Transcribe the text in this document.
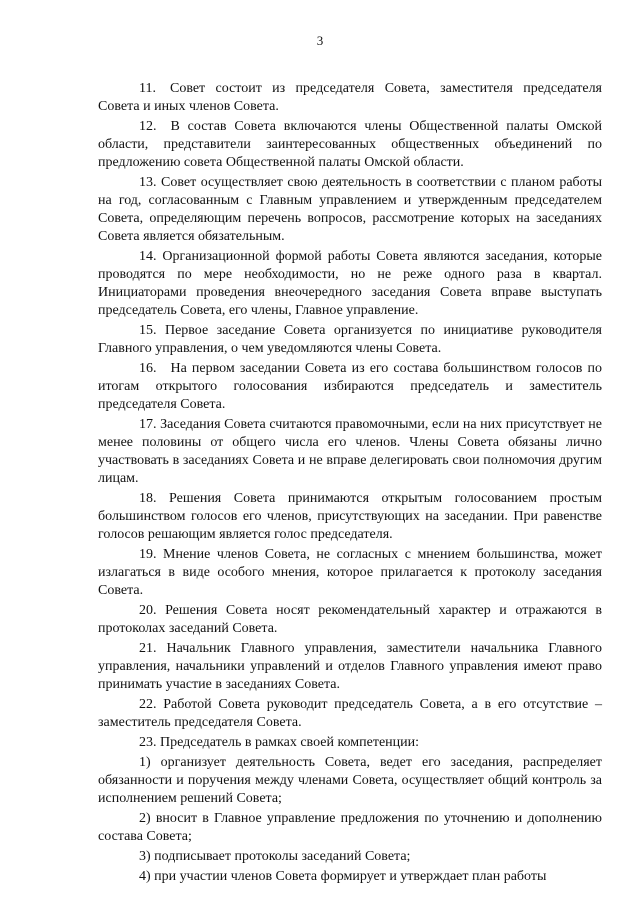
3

11. Совет состоит из председателя Совета, заместителя председателя Совета и иных членов Совета.

12. В состав Совета включаются члены Общественной палаты Омской области, представители заинтересованных общественных объединений по предложению совета Общественной палаты Омской области.

13. Совет осуществляет свою деятельность в соответствии с планом работы на год, согласованным с Главным управлением и утвержденным председателем Совета, определяющим перечень вопросов, рассмотрение которых на заседаниях Совета является обязательным.

14. Организационной формой работы Совета являются заседания, которые проводятся по мере необходимости, но не реже одного раза в квартал. Инициаторами проведения внеочередного заседания Совета вправе выступать председатель Совета, его члены, Главное управление.

15. Первое заседание Совета организуется по инициативе руководителя Главного управления, о чем уведомляются члены Совета.

16. На первом заседании Совета из его состава большинством голосов по итогам открытого голосования избираются председатель и заместитель председателя Совета.

17. Заседания Совета считаются правомочными, если на них присутствует не менее половины от общего числа его членов. Члены Совета обязаны лично участвовать в заседаниях Совета и не вправе делегировать свои полномочия другим лицам.

18. Решения Совета принимаются открытым голосованием простым большинством голосов его членов, присутствующих на заседании. При равенстве голосов решающим является голос председателя.

19. Мнение членов Совета, не согласных с мнением большинства, может излагаться в виде особого мнения, которое прилагается к протоколу заседания Совета.

20. Решения Совета носят рекомендательный характер и отражаются в протоколах заседаний Совета.

21. Начальник Главного управления, заместители начальника Главного управления, начальники управлений и отделов Главного управления имеют право принимать участие в заседаниях Совета.

22. Работой Совета руководит председатель Совета, а в его отсутствие – заместитель председателя Совета.

23. Председатель в рамках своей компетенции:

1) организует деятельность Совета, ведет его заседания, распределяет обязанности и поручения между членами Совета, осуществляет общий контроль за исполнением решений Совета;

2) вносит в Главное управление предложения по уточнению и дополнению состава Совета;

3) подписывает протоколы заседаний Совета;

4) при участии членов Совета формирует и утверждает план работы
